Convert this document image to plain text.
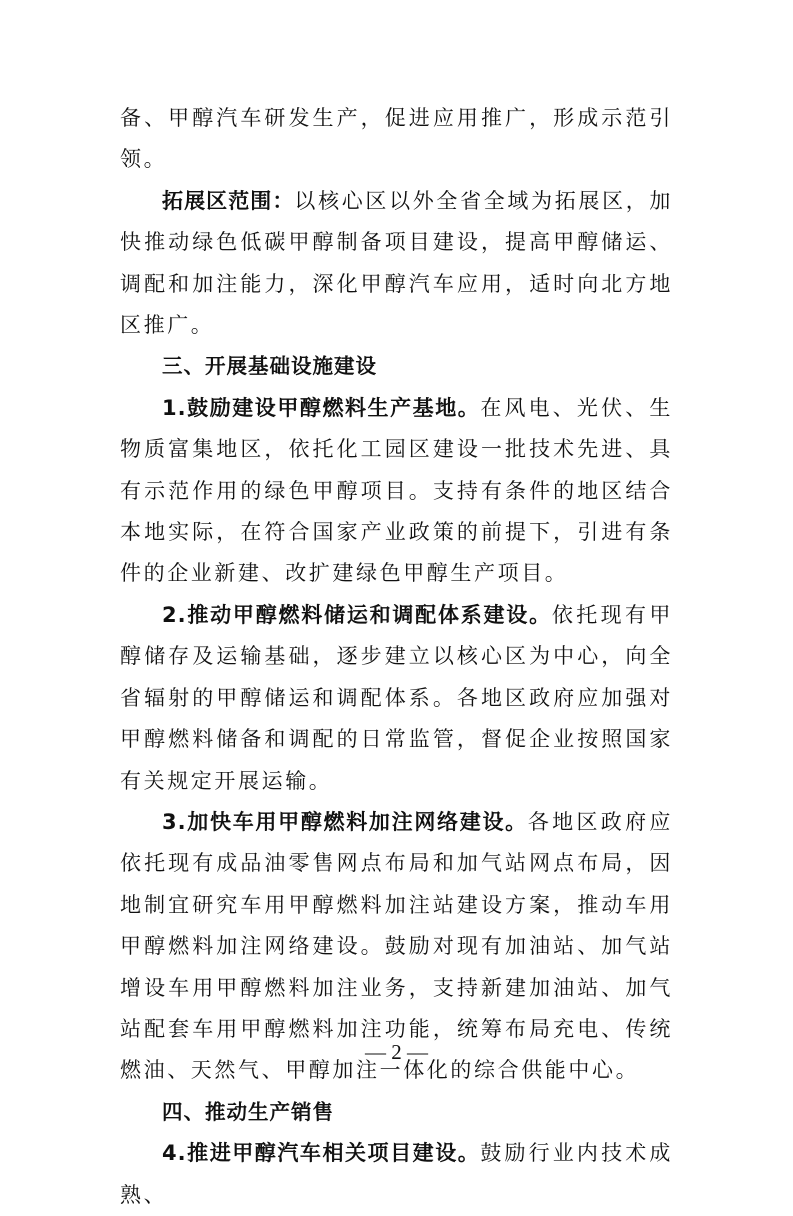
备、甲醇汽车研发生产，促进应用推广，形成示范引领。

拓展区范围：以核心区以外全省全域为拓展区，加快推动绿色低碳甲醇制备项目建设，提高甲醇储运、调配和加注能力，深化甲醇汽车应用，适时向北方地区推广。

三、开展基础设施建设

1.鼓励建设甲醇燃料生产基地。在风电、光伏、生物质富集地区，依托化工园区建设一批技术先进、具有示范作用的绿色甲醇项目。支持有条件的地区结合本地实际，在符合国家产业政策的前提下，引进有条件的企业新建、改扩建绿色甲醇生产项目。

2.推动甲醇燃料储运和调配体系建设。依托现有甲醇储存及运输基础，逐步建立以核心区为中心，向全省辐射的甲醇储运和调配体系。各地区政府应加强对甲醇燃料储备和调配的日常监管，督促企业按照国家有关规定开展运输。

3.加快车用甲醇燃料加注网络建设。各地区政府应依托现有成品油零售网点布局和加气站网点布局，因地制宜研究车用甲醇燃料加注站建设方案，推动车用甲醇燃料加注网络建设。鼓励对现有加油站、加气站增设车用甲醇燃料加注业务，支持新建加油站、加气站配套车用甲醇燃料加注功能，统筹布局充电、传统燃油、天然气、甲醇加注一体化的综合供能中心。

四、推动生产销售

4.推进甲醇汽车相关项目建设。鼓励行业内技术成熟、

— 2 —
